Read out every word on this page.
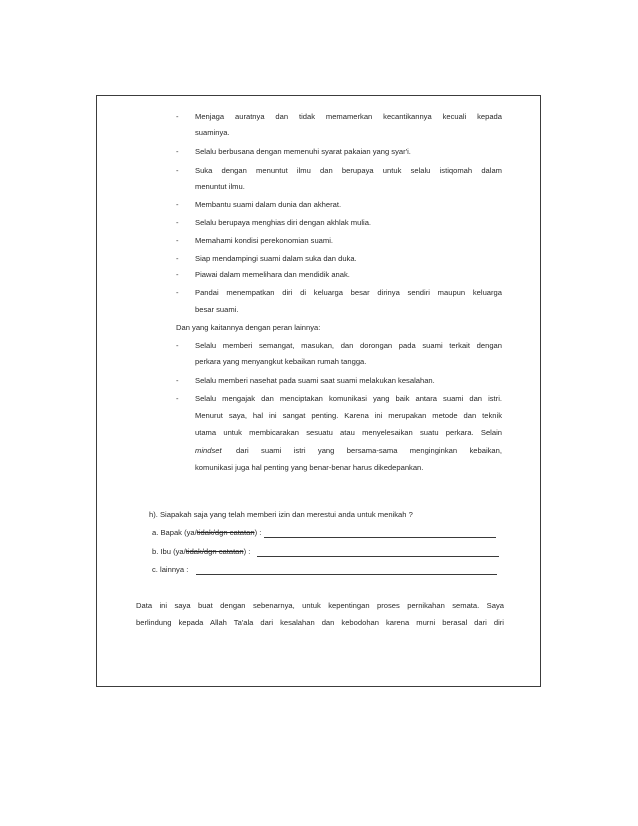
- Menjaga auratnya dan tidak memamerkan kecantikannya kecuali kepada
suaminya.
- Selalu berbusana dengan memenuhi syarat pakaian yang syar'i.
- Suka dengan menuntut ilmu dan berupaya untuk selalu istiqomah dalam
menuntut ilmu.
- Membantu suami dalam dunia dan akherat.
- Selalu berupaya menghias diri dengan akhlak mulia.
- Memahami kondisi perekonomian suami.
- Siap mendampingi suami dalam suka dan duka.
- Piawai dalam memelihara dan mendidik anak.
- Pandai menempatkan diri di keluarga besar dirinya sendiri maupun keluarga
besar suami.
Dan yang kaitannya dengan peran lainnya:
- Selalu memberi semangat, masukan, dan dorongan pada suami terkait dengan
perkara yang menyangkut kebaikan rumah tangga.
- Selalu memberi nasehat pada suami saat suami melakukan kesalahan.
- Selalu mengajak dan menciptakan komunikasi yang baik antara suami dan istri.
Menurut saya, hal ini sangat penting. Karena ini merupakan metode dan teknik
utama untuk membicarakan sesuatu atau menyelesaikan suatu perkara. Selain
mindset dari suami istri yang bersama-sama menginginkan kebaikan,
komunikasi juga hal penting yang benar-benar harus dikedepankan.
h). Siapakah saja yang telah memberi izin dan merestui anda untuk menikah ?
a. Bapak (ya/tidak/dgn catatan) :
b. Ibu (ya/tidak/dgn catatan) :
c. lainnya :
Data ini saya buat dengan sebenarnya, untuk kepentingan proses pernikahan semata. Saya
berlindung kepada Allah Ta'ala dari kesalahan dan kebodohan karena murni berasal dari diri
